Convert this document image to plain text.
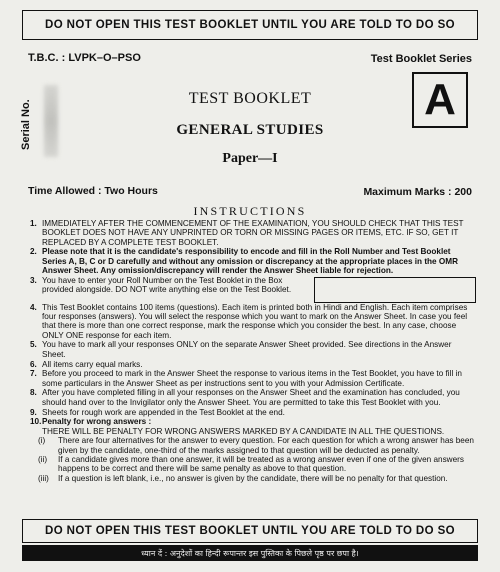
DO NOT OPEN THIS TEST BOOKLET UNTIL YOU ARE TOLD TO DO SO
T.B.C. : LVPK–O–PSO	Test Booklet Series
Serial No.
TEST BOOKLET
GENERAL STUDIES
Paper—I
A
Time Allowed : Two Hours	Maximum Marks : 200
INSTRUCTIONS
1. IMMEDIATELY AFTER THE COMMENCEMENT OF THE EXAMINATION, YOU SHOULD CHECK THAT THIS TEST BOOKLET DOES NOT HAVE ANY UNPRINTED OR TORN OR MISSING PAGES OR ITEMS, ETC. IF SO, GET IT REPLACED BY A COMPLETE TEST BOOKLET.
2. Please note that it is the candidate's responsibility to encode and fill in the Roll Number and Test Booklet Series A, B, C or D carefully and without any omission or discrepancy at the appropriate places in the OMR Answer Sheet. Any omission/discrepancy will render the Answer Sheet liable for rejection.
3. You have to enter your Roll Number on the Test Booklet in the Box provided alongside. DO NOT write anything else on the Test Booklet.
4. This Test Booklet contains 100 items (questions). Each item is printed both in Hindi and English. Each item comprises four responses (answers). You will select the response which you want to mark on the Answer Sheet. In case you feel that there is more than one correct response, mark the response which you consider the best. In any case, choose ONLY ONE response for each item.
5. You have to mark all your responses ONLY on the separate Answer Sheet provided. See directions in the Answer Sheet.
6. All items carry equal marks.
7. Before you proceed to mark in the Answer Sheet the response to various items in the Test Booklet, you have to fill in some particulars in the Answer Sheet as per instructions sent to you with your Admission Certificate.
8. After you have completed filling in all your responses on the Answer Sheet and the examination has concluded, you should hand over to the Invigilator only the Answer Sheet. You are permitted to take this Test Booklet with you.
9. Sheets for rough work are appended in the Test Booklet at the end.
10. Penalty for wrong answers :
THERE WILL BE PENALTY FOR WRONG ANSWERS MARKED BY A CANDIDATE IN ALL THE QUESTIONS.
(i)	There are four alternatives for the answer to every question. For each question for which a wrong answer has been given by the candidate, one-third of the marks assigned to that question will be deducted as penalty.
(ii)	If a candidate gives more than one answer, it will be treated as a wrong answer even if one of the given answers happens to be correct and there will be same penalty as above to that question.
(iii)	If a question is left blank, i.e., no answer is given by the candidate, there will be no penalty for that question.
DO NOT OPEN THIS TEST BOOKLET UNTIL YOU ARE TOLD TO DO SO
ध्यान दें : अनुदेशों का हिन्दी रूपान्तर इस पुस्तिका के पिछले पृष्ठ पर छपा है।
